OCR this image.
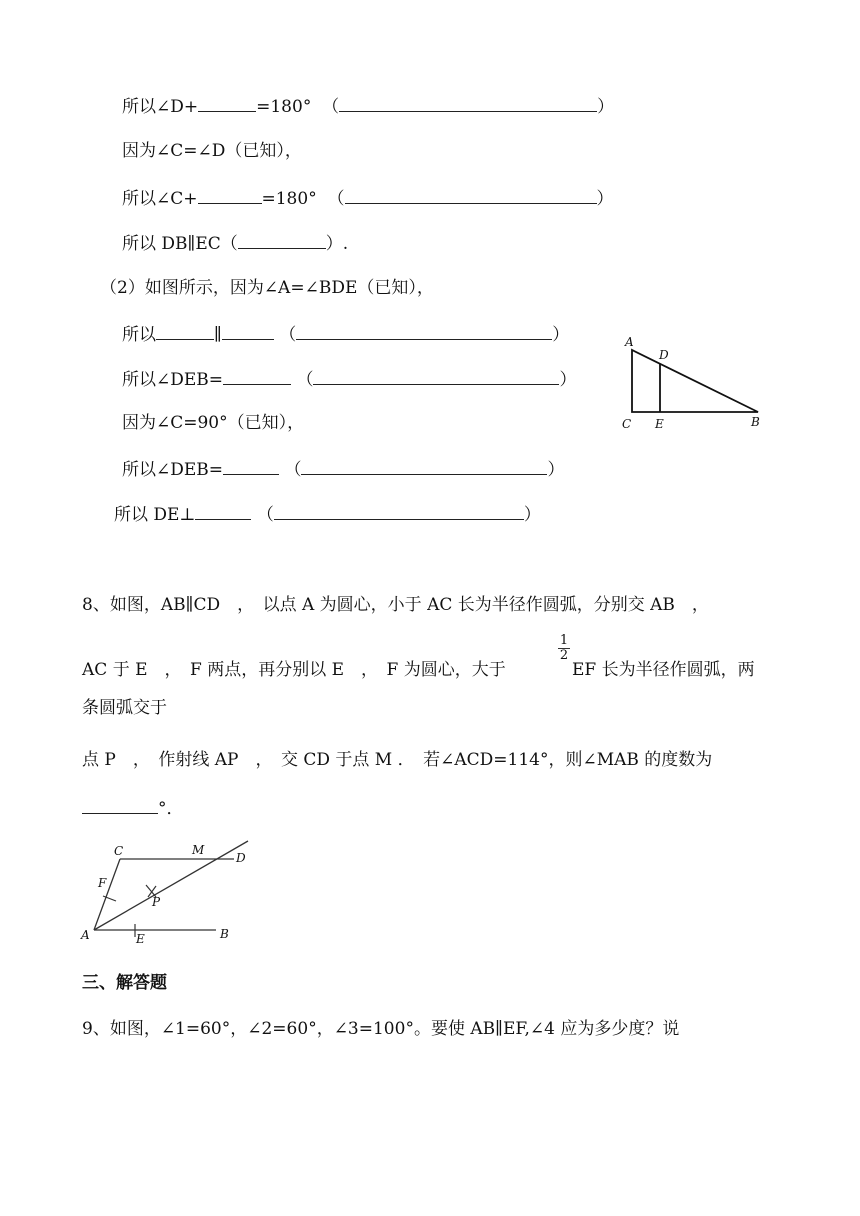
所以∠D+	=180° （	）
因为∠C=∠D（已知），
所以∠C+	=180° （	）
所以 DB∥EC（	）.
（2）如图所示，因为∠A=∠BDE（已知），
所以	∥	（	）
所以∠DEB=	（	）
因为∠C=90°（已知），
所以∠DEB=	（	）
所以 DE⊥	（	）
A
D
C E	B
8、如图，AB∥CD　，　以点 A 为圆心，小于 AC 长为半径作圆弧，分别交 AB　，
AC 于 E　，　F 两点，再分别以 E　，　F 为圆心，大于
$\frac{1}{2}$
EF 长为半径作圆弧，两
条圆弧交于
点 P　，　作射线 AP　，　交 CD 于点 M ．　若∠ACD=114°，则∠MAB 的度数为
°．
C	M
D
F
P
A	E	B
三、解答题
9、如图，∠1=60°，∠2=60°，∠3=100°。要使 AB∥EF,∠4 应为多少度？说
